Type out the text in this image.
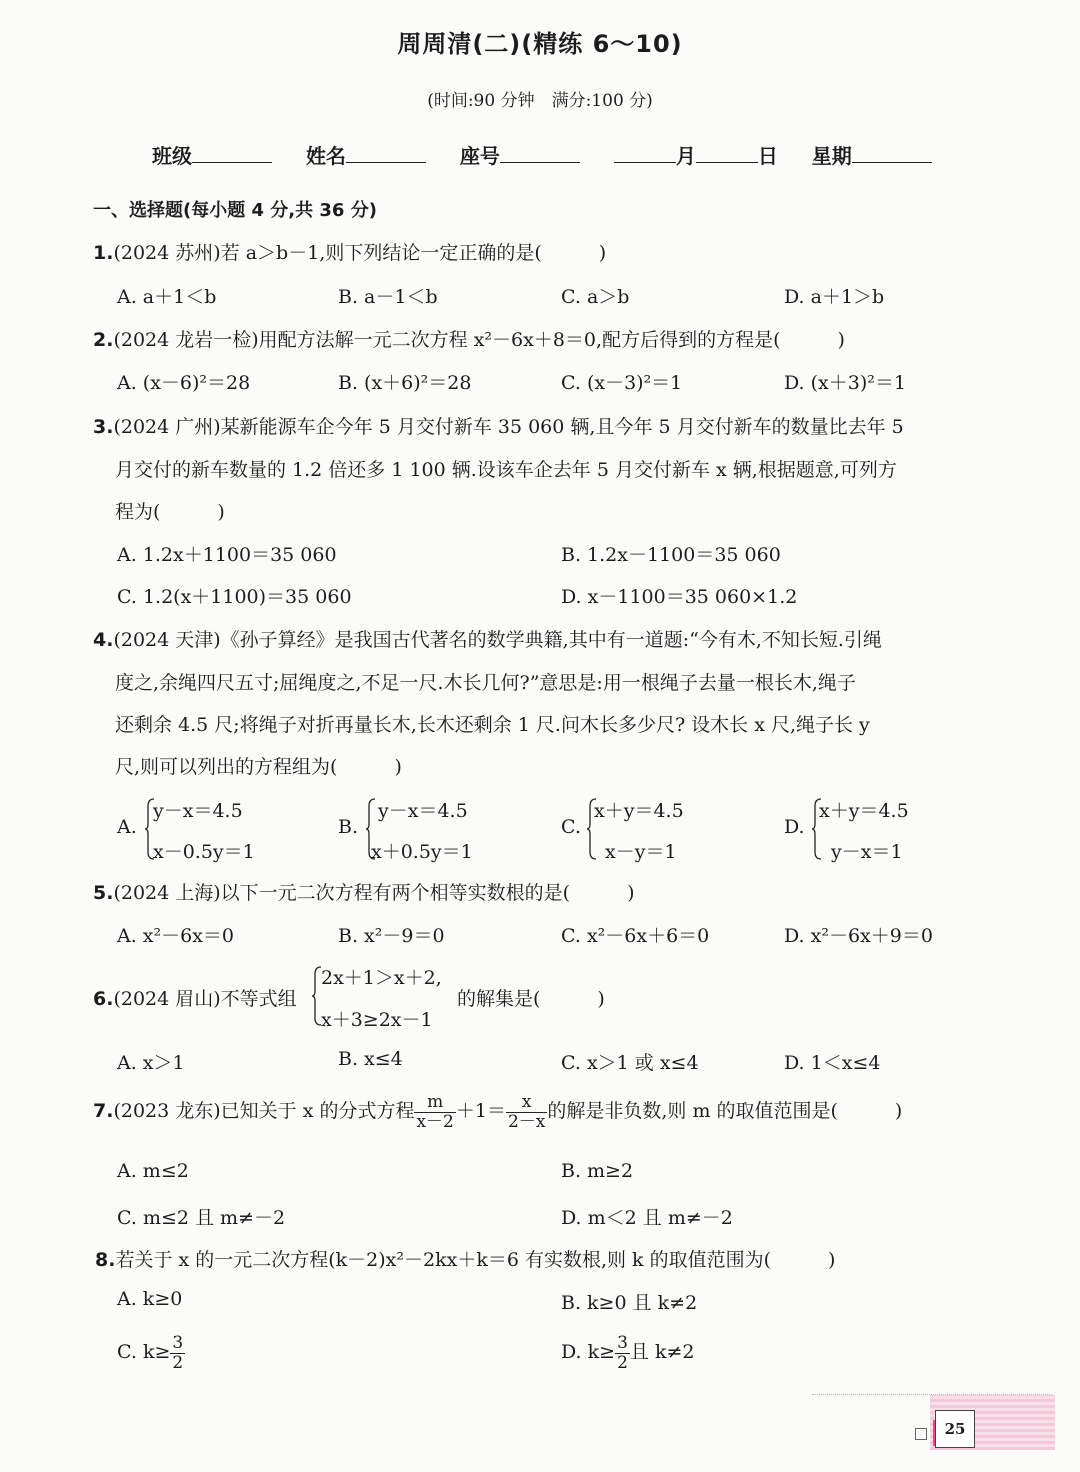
周周清(二)(精练 6～10)
(时间:90 分钟　满分:100 分)
班级	姓名	座号	月	日 星期
一、选择题(每小题 4 分,共 36 分)
1.(2024 苏州)若 a＞b－1,则下列结论一定正确的是(　　　)
A. a＋1＜b	B. a－1＜b	C. a＞b	D. a＋1＞b
2.(2024 龙岩一检)用配方法解一元二次方程 x²－6x＋8＝0,配方后得到的方程是(　　　)
A. (x－6)²＝28	B. (x＋6)²＝28	C. (x－3)²＝1	D. (x＋3)²＝1
3.(2024 广州)某新能源车企今年 5 月交付新车 35 060 辆,且今年 5 月交付新车的数量比去年 5
月交付的新车数量的 1.2 倍还多 1 100 辆.设该车企去年 5 月交付新车 x 辆,根据题意,可列方
程为(　　　)
A. 1.2x＋1100＝35 060	B. 1.2x－1100＝35 060
C. 1.2(x＋1100)＝35 060	D. x－1100＝35 060×1.2
4.(2024 天津)《孙子算经》是我国古代著名的数学典籍,其中有一道题:“今有木,不知长短.引绳
度之,余绳四尺五寸;屈绳度之,不足一尺.木长几何?”意思是:用一根绳子去量一根长木,绳子
还剩余 4.5 尺;将绳子对折再量长木,长木还剩余 1 尺.问木长多少尺? 设木长 x 尺,绳子长 y
尺,则可以列出的方程组为(　　　)
A.
y－x＝4.5
x－0.5y＝1
B.
y－x＝4.5
x＋0.5y＝1
C.
x＋y＝4.5
x－y＝1
D.
x＋y＝4.5
y－x＝1
5.(2024 上海)以下一元二次方程有两个相等实数根的是(　　　)
A. x²－6x＝0	B. x²－9＝0	C. x²－6x＋6＝0	D. x²－6x＋9＝0
6.(2024 眉山)不等式组
2x＋1＞x＋2,
x＋3≥2x－1
的解集是(　　　)
A. x＞1	B. x≤4	C. x＞1 或 x≤4	D. 1＜x≤4
7.(2023 龙东)已知关于 x 的分式方程 $\frac{m}{x-2} +1= \frac{x}{2-x}$ 的解是非负数,则 m 的取值范围是(　　　)
A. m≤2	B. m≥2
C. m≤2 且 m≠－2	D. m＜2 且 m≠－2
8.若关于 x 的一元二次方程(k－2)x²－2kx＋k＝6 有实数根,则 k 的取值范围为(　　　)
A. k≥0	B. k≥0 且 k≠2
C. $k\ge \frac{3}{2}$	D. $k\ge \frac{3}{2}$ 且 k≠2
25
